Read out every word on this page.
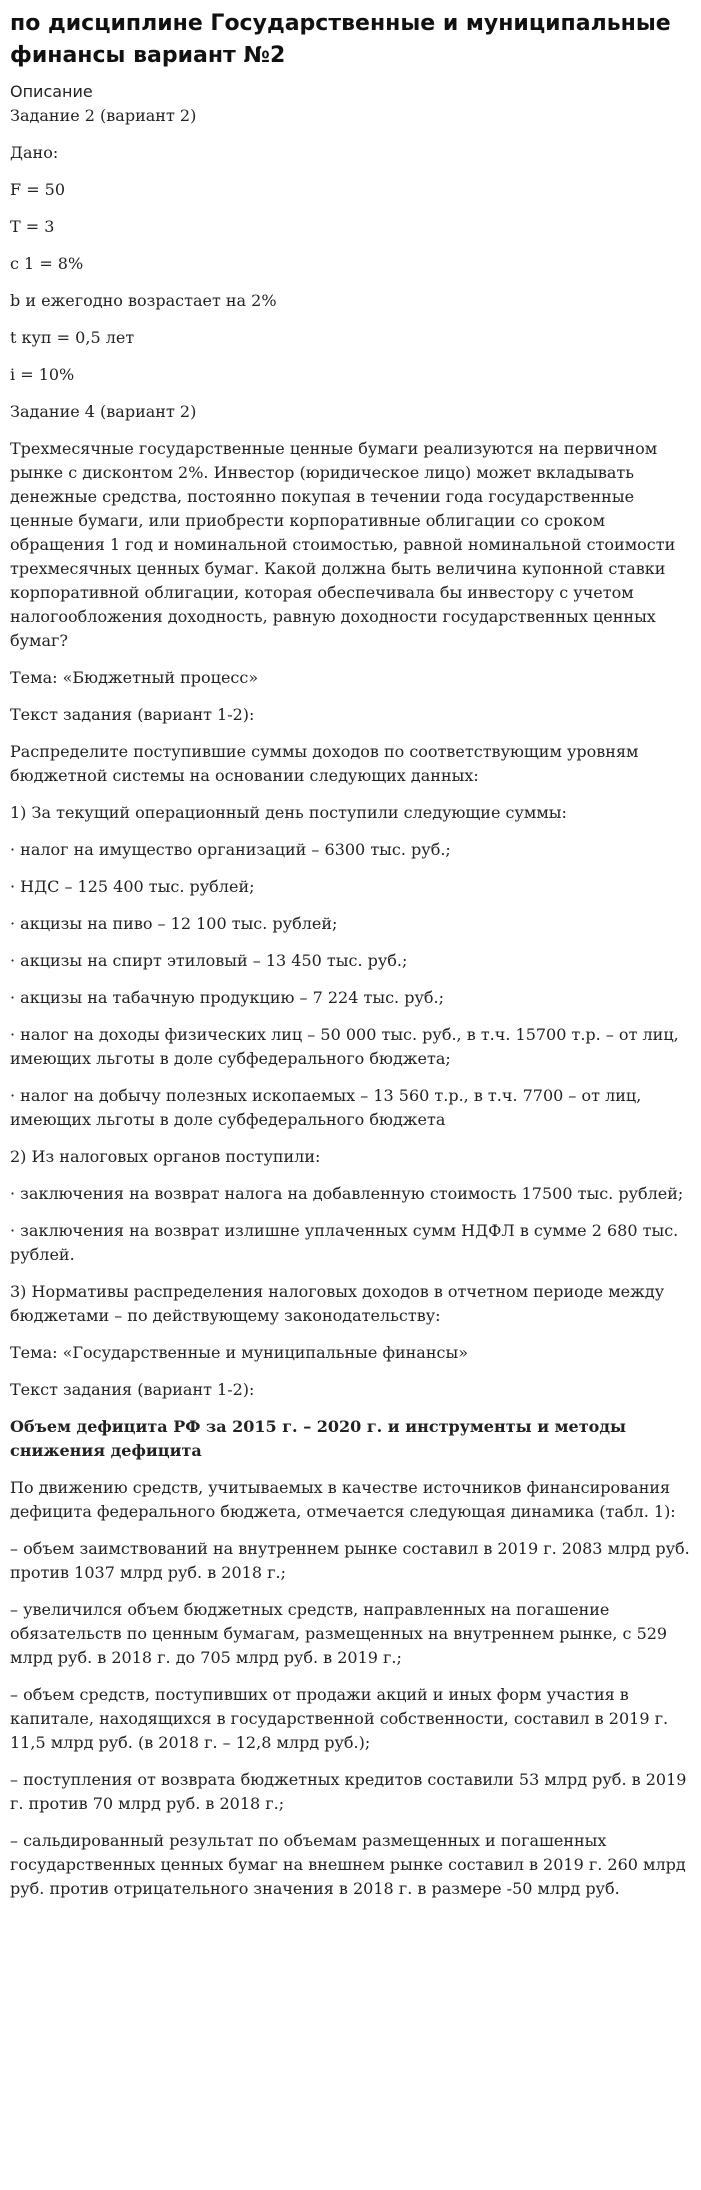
по дисциплине Государственные и муниципальные финансы вариант №2
Описание

Задание 2 (вариант 2)

Дано:

F = 50

T = 3

c 1 = 8%

b и ежегодно возрастает на 2%

t куп = 0,5 лет

i = 10%

Задание 4 (вариант 2)

Трехмесячные государственные ценные бумаги реализуются на первичном рынке с дисконтом 2%. Инвестор (юридическое лицо) может вкладывать денежные средства, постоянно покупая в течении года государственные ценные бумаги, или приобрести корпоративные облигации со сроком обращения 1 год и номинальной стоимостью, равной номинальной стоимости трехмесячных ценных бумаг. Какой должна быть величина купонной ставки корпоративной облигации, которая обеспечивала бы инвестору с учетом налогообложения доходность, равную доходности государственных ценных бумаг?

Тема: «Бюджетный процесс»

Текст задания (вариант 1-2):

Распределите поступившие суммы доходов по соответствующим уровням бюджетной системы на основании следующих данных:

1) За текущий операционный день поступили следующие суммы:

· налог на имущество организаций – 6300 тыс. руб.;

· НДС – 125 400 тыс. рублей;

· акцизы на пиво – 12 100 тыс. рублей;

· акцизы на спирт этиловый – 13 450 тыс. руб.;

· акцизы на табачную продукцию – 7 224 тыс. руб.;

· налог на доходы физических лиц – 50 000 тыс. руб., в т.ч. 15700 т.р. – от лиц, имеющих льготы в доле субфедерального бюджета;

· налог на добычу полезных ископаемых – 13 560 т.р., в т.ч. 7700 – от лиц, имеющих льготы в доле субфедерального бюджета

2) Из налоговых органов поступили:

· заключения на возврат налога на добавленную стоимость 17500 тыс. рублей;

· заключения на возврат излишне уплаченных сумм НДФЛ в сумме 2 680 тыс. рублей.

3) Нормативы распределения налоговых доходов в отчетном периоде между бюджетами – по действующему законодательству:

Тема: «Государственные и муниципальные финансы»

Текст задания (вариант 1-2):

Объем дефицита РФ за 2015 г. – 2020 г. и инструменты и методы снижения дефицита

По движению средств, учитываемых в качестве источников финансирования дефицита федерального бюджета, отмечается следующая динамика (табл. 1):

– объем заимствований на внутреннем рынке составил в 2019 г. 2083 млрд руб. против 1037 млрд руб. в 2018 г.;

– увеличился объем бюджетных средств, направленных на погашение обязательств по ценным бумагам, размещенных на внутреннем рынке, с 529 млрд руб. в 2018 г. до 705 млрд руб. в 2019 г.;

– объем средств, поступивших от продажи акций и иных форм участия в капитале, находящихся в государственной собственности, составил в 2019 г. 11,5 млрд руб. (в 2018 г. – 12,8 млрд руб.);

– поступления от возврата бюджетных кредитов составили 53 млрд руб. в 2019 г. против 70 млрд руб. в 2018 г.;

– сальдированный результат по объемам размещенных и погашенных государственных ценных бумаг на внешнем рынке составил в 2019 г. 260 млрд руб. против отрицательного значения в 2018 г. в размере -50 млрд руб.
